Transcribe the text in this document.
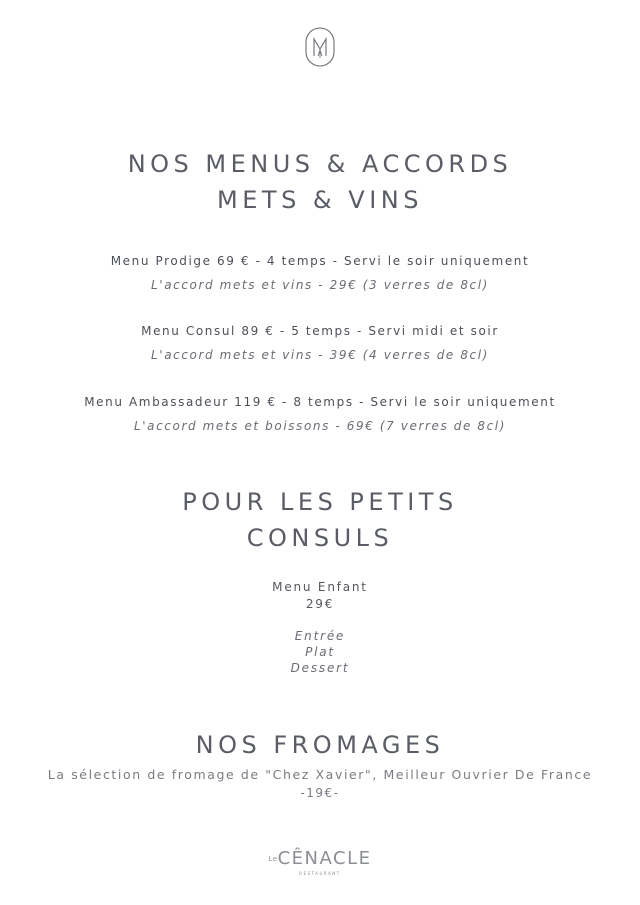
NOS MENUS & ACCORDS
METS & VINS
Menu Prodige 69 € - 4 temps - Servi le soir uniquement
L'accord mets et vins - 29€ (3 verres de 8cl)
Menu Consul 89 € - 5 temps - Servi midi et soir
L'accord mets et vins - 39€ (4 verres de 8cl)
Menu Ambassadeur 119 € - 8 temps - Servi le soir uniquement
L'accord mets et boissons - 69€ (7 verres de 8cl)
POUR LES PETITS
CONSULS
Menu Enfant
29€
Entrée
Plat
Dessert
NOS FROMAGES
La sélection de fromage de "Chez Xavier", Meilleur Ouvrier De France
-19€-
LeCÊNACLE
RESTAURANT
